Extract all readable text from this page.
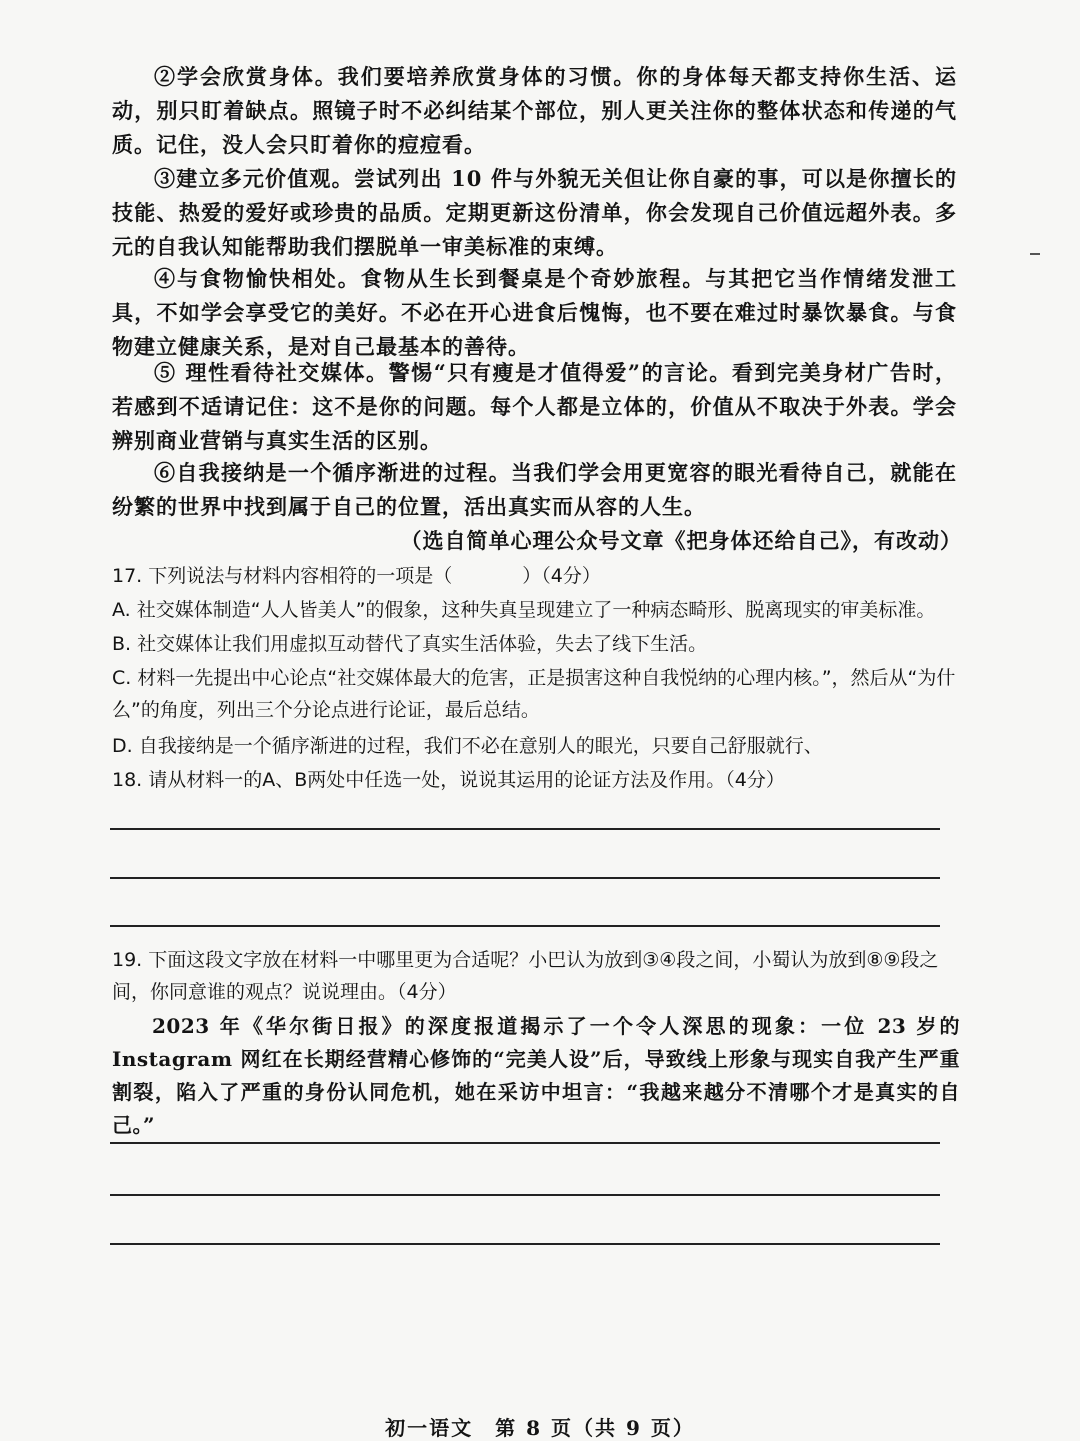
②学会欣赏身体。我们要培养欣赏身体的习惯。你的身体每天都支持你生活、运动，别只盯着缺点。照镜子时不必纠结某个部位，别人更关注你的整体状态和传递的气质。记住，没人会只盯着你的痘痘看。

③建立多元价值观。尝试列出 10 件与外貌无关但让你自豪的事，可以是你擅长的技能、热爱的爱好或珍贵的品质。定期更新这份清单，你会发现自己价值远超外表。多元的自我认知能帮助我们摆脱单一审美标准的束缚。

④与食物愉快相处。食物从生长到餐桌是个奇妙旅程。与其把它当作情绪发泄工具，不如学会享受它的美好。不必在开心进食后愧悔，也不要在难过时暴饮暴食。与食物建立健康关系，是对自己最基本的善待。

⑤ 理性看待社交媒体。警惕“只有瘦是才值得爱”的言论。看到完美身材广告时，若感到不适请记住：这不是你的问题。每个人都是立体的，价值从不取决于外表。学会辨别商业营销与真实生活的区别。

⑥自我接纳是一个循序渐进的过程。当我们学会用更宽容的眼光看待自己，就能在纷繁的世界中找到属于自己的位置，活出真实而从容的人生。

（选自简单心理公众号文章《把身体还给自己》，有改动）

17. 下列说法与材料内容相符的一项是（	）（4分）

A. 社交媒体制造“人人皆美人”的假象，这种失真呈现建立了一种病态畸形、脱离现实的审美标准。

B. 社交媒体让我们用虚拟互动替代了真实生活体验，失去了线下生活。

C. 材料一先提出中心论点“社交媒体最大的危害，正是损害这种自我悦纳的心理内核。”，然后从“为什么”的角度，列出三个分论点进行论证，最后总结。

D. 自我接纳是一个循序渐进的过程，我们不必在意别人的眼光，只要自己舒服就行、

18. 请从材料一的A、B两处中任选一处，说说其运用的论证方法及作用。（4分）

19. 下面这段文字放在材料一中哪里更为合适呢？小巴认为放到③④段之间，小蜀认为放到⑧⑨段之间，你同意谁的观点？说说理由。（4分）

2023 年《华尔街日报》的深度报道揭示了一个令人深思的现象：一位 23 岁的 Instagram 网红在长期经营精心修饰的“完美人设”后，导致线上形象与现实自我产生严重割裂，陷入了严重的身份认同危机，她在采访中坦言：“我越来越分不清哪个才是真实的自己。”

初一语文　第 8 页（共 9 页）
